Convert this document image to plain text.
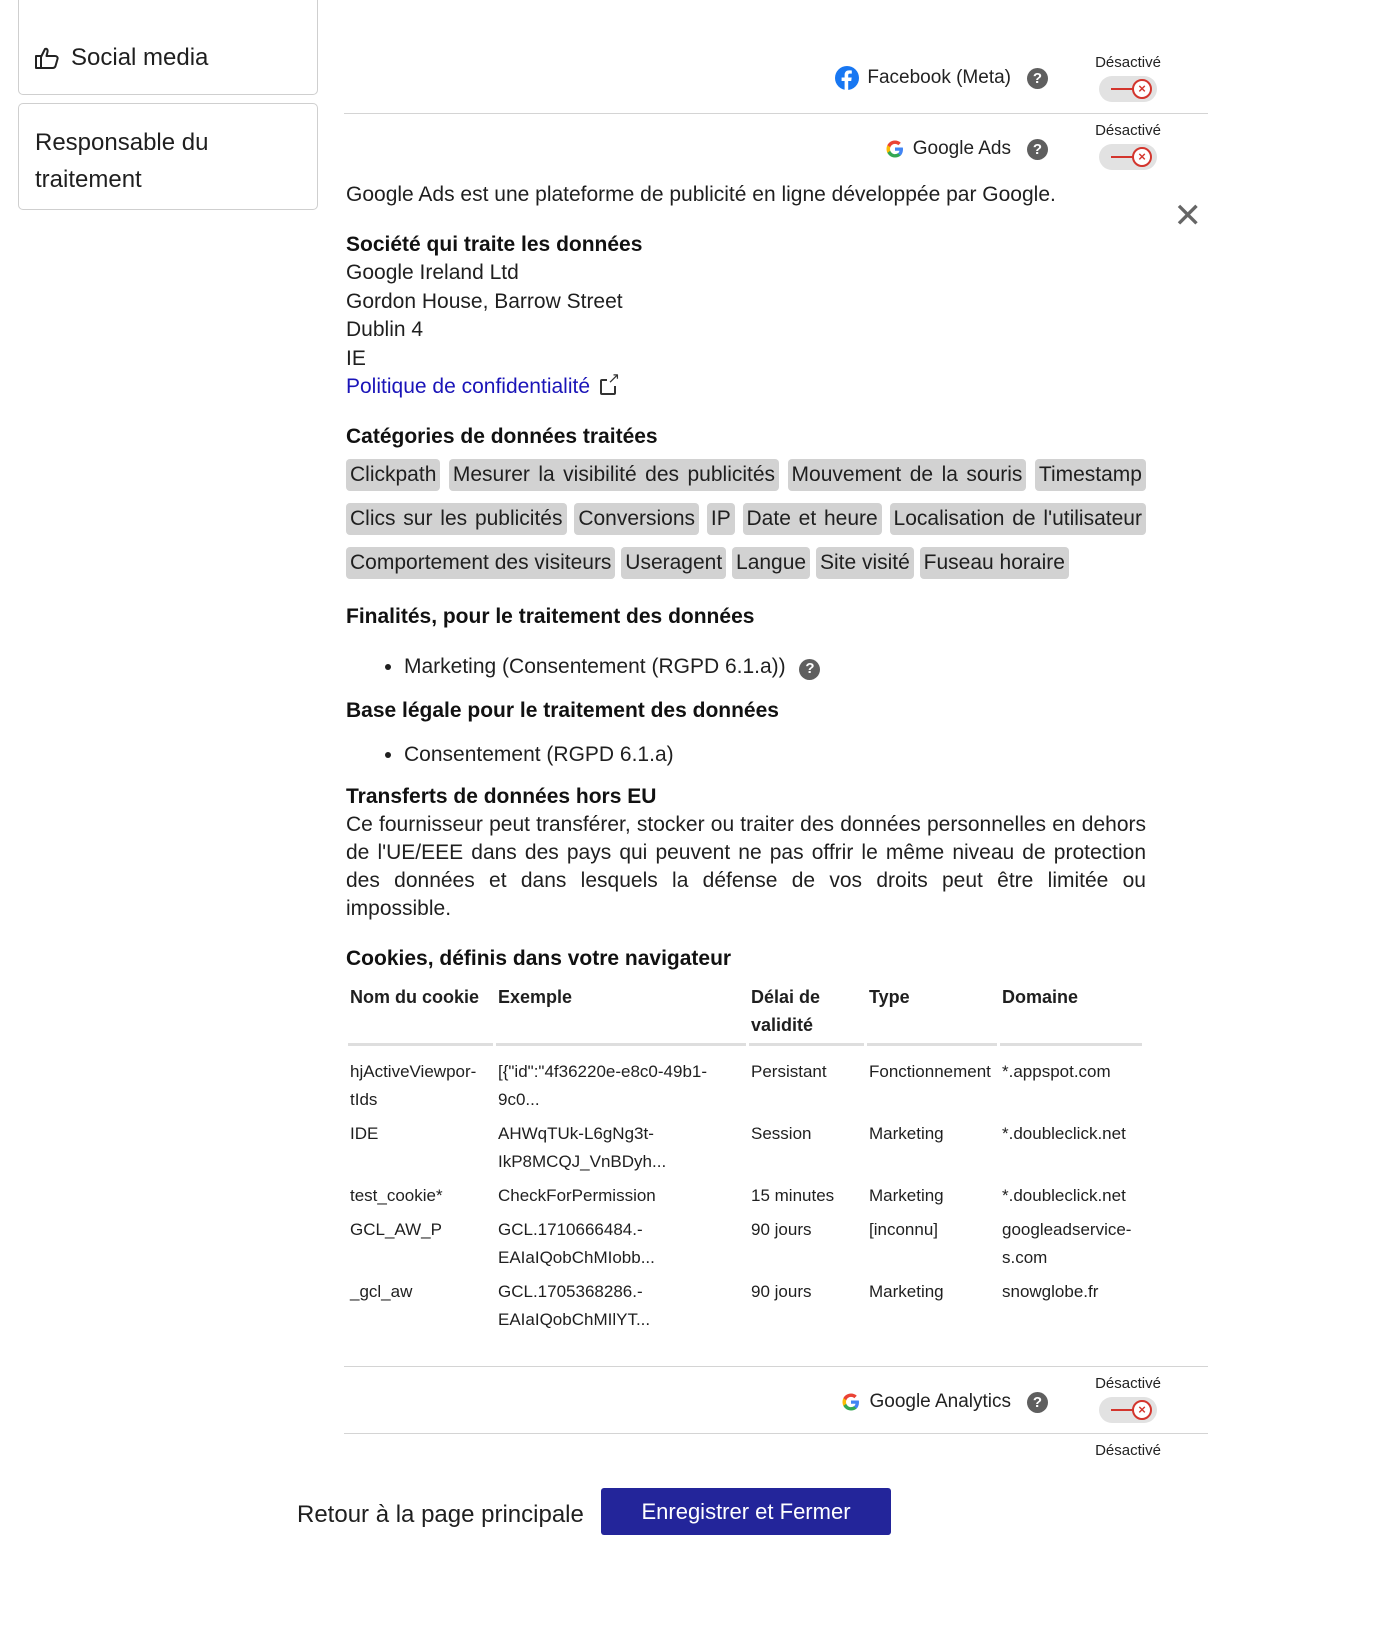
Social media
Responsable du traitement
Facebook (Meta)	?
Désactivé
×
Google Ads	?
Désactivé
×
✕
Google Ads est une plateforme de publicité en ligne développée par Google.
Société qui traite les données
Google Ireland Ltd
Gordon House, Barrow Street
Dublin 4
IE
Politique de confidentialité
↗
Catégories de données traitées
Clickpath Mesurer la visibilité des publicités Mouvement de la souris Timestamp Clics sur les publicités Conversions IP Date et heure Localisation de l'utilisateur Comportement des visiteurs Useragent Langue Site visité Fuseau horaire
Finalités, pour le traitement des données
• Marketing (Consentement (RGPD 6.1.a)) ?
Base légale pour le traitement des données
• Consentement (RGPD 6.1.a)
Transferts de données hors EU
Ce fournisseur peut transférer, stocker ou traiter des données personnelles en dehors de l'UE/EEE dans des pays qui peuvent ne pas offrir le même niveau de protection des données et dans lesquels la défense de vos droits peut être limitée ou impossible.
Cookies, définis dans votre navigateur
Nom du cookie	Exemple	Délai de validité	Type	Domaine
hjActiveViewpor-tIds	[{"id":"4f36220e-e8c0-49b1-9c0...	Persistant	Fonctionnement	*.appspot.com
IDE	AHWqTUk-L6gNg3t-IkP8MCQJ_VnBDyh...	Session	Marketing	*.doubleclick.net
test_cookie*	CheckForPermission	15 minutes	Marketing	*.doubleclick.net
GCL_AW_P	GCL.1710666484.-EAIaIQobChMIobb...	90 jours	[inconnu]	googleadservice-s.com
_gcl_aw	GCL.1705368286.-EAIaIQobChMIlYT...	90 jours	Marketing	snowglobe.fr
Google Analytics	?
Désactivé
×
Désactivé
Retour à la page principale	Enregistrer et Fermer
